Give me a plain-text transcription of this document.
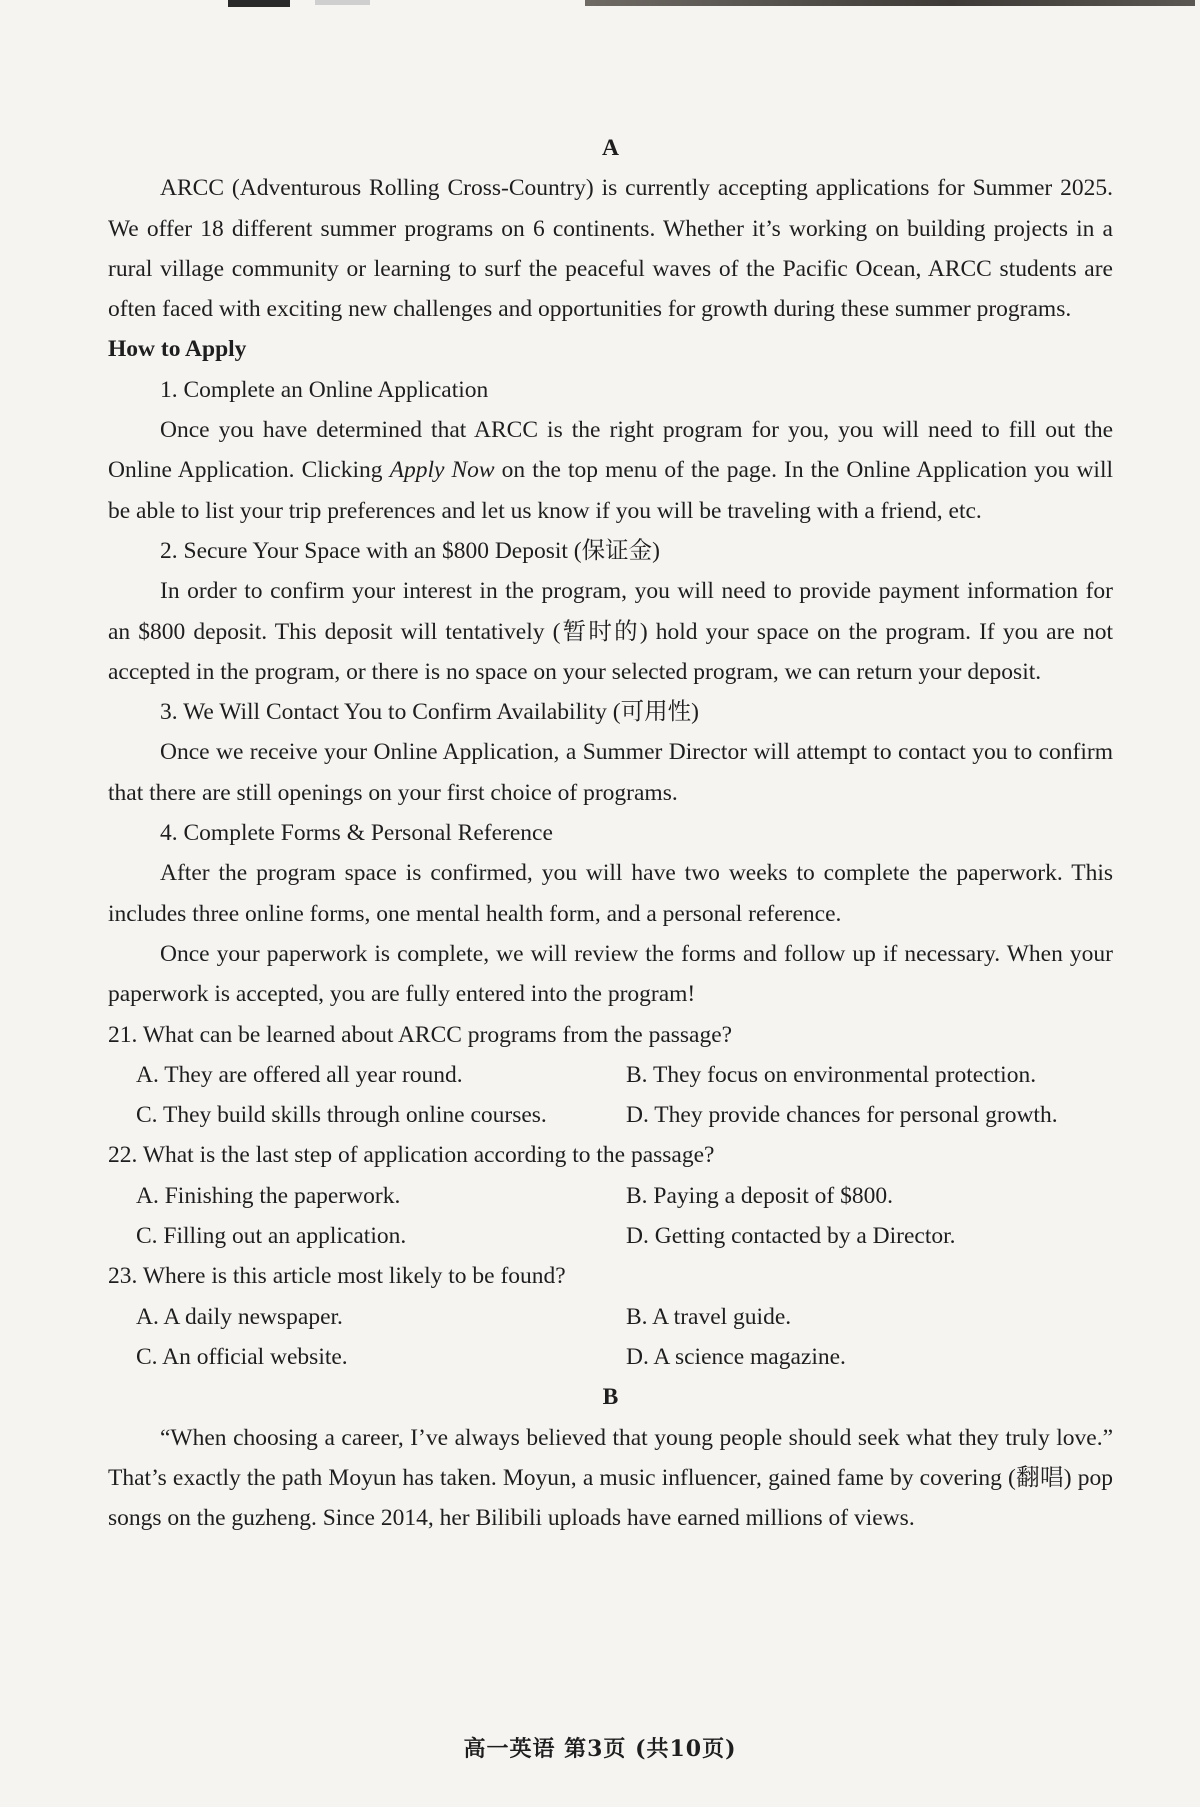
A

ARCC (Adventurous Rolling Cross-Country) is currently accepting applications for Summer 2025. We offer 18 different summer programs on 6 continents. Whether it’s working on building projects in a rural village community or learning to surf the peaceful waves of the Pacific Ocean, ARCC students are often faced with exciting new challenges and opportunities for growth during these summer programs.

How to Apply

1. Complete an Online Application

Once you have determined that ARCC is the right program for you, you will need to fill out the Online Application. Clicking Apply Now on the top menu of the page. In the Online Application you will be able to list your trip preferences and let us know if you will be traveling with a friend, etc.

2. Secure Your Space with an $800 Deposit (保证金)

In order to confirm your interest in the program, you will need to provide payment information for an $800 deposit. This deposit will tentatively (暂时的) hold your space on the program. If you are not accepted in the program, or there is no space on your selected program, we can return your deposit.

3. We Will Contact You to Confirm Availability (可用性)

Once we receive your Online Application, a Summer Director will attempt to contact you to confirm that there are still openings on your first choice of programs.

4. Complete Forms & Personal Reference

After the program space is confirmed, you will have two weeks to complete the paperwork. This includes three online forms, one mental health form, and a personal reference.

Once your paperwork is complete, we will review the forms and follow up if necessary. When your paperwork is accepted, you are fully entered into the program!

21. What can be learned about ARCC programs from the passage?

A. They are offered all year round.	B. They focus on environmental protection.
C. They build skills through online courses.	D. They provide chances for personal growth.

22. What is the last step of application according to the passage?

A. Finishing the paperwork.	B. Paying a deposit of $800.
C. Filling out an application.	D. Getting contacted by a Director.

23. Where is this article most likely to be found?

A. A daily newspaper.	B. A travel guide.
C. An official website.	D. A science magazine.

B

“When choosing a career, I’ve always believed that young people should seek what they truly love.” That’s exactly the path Moyun has taken. Moyun, a music influencer, gained fame by covering (翻唱) pop songs on the guzheng. Since 2014, her Bilibili uploads have earned millions of views.

高一英语 第3页 (共10页)
